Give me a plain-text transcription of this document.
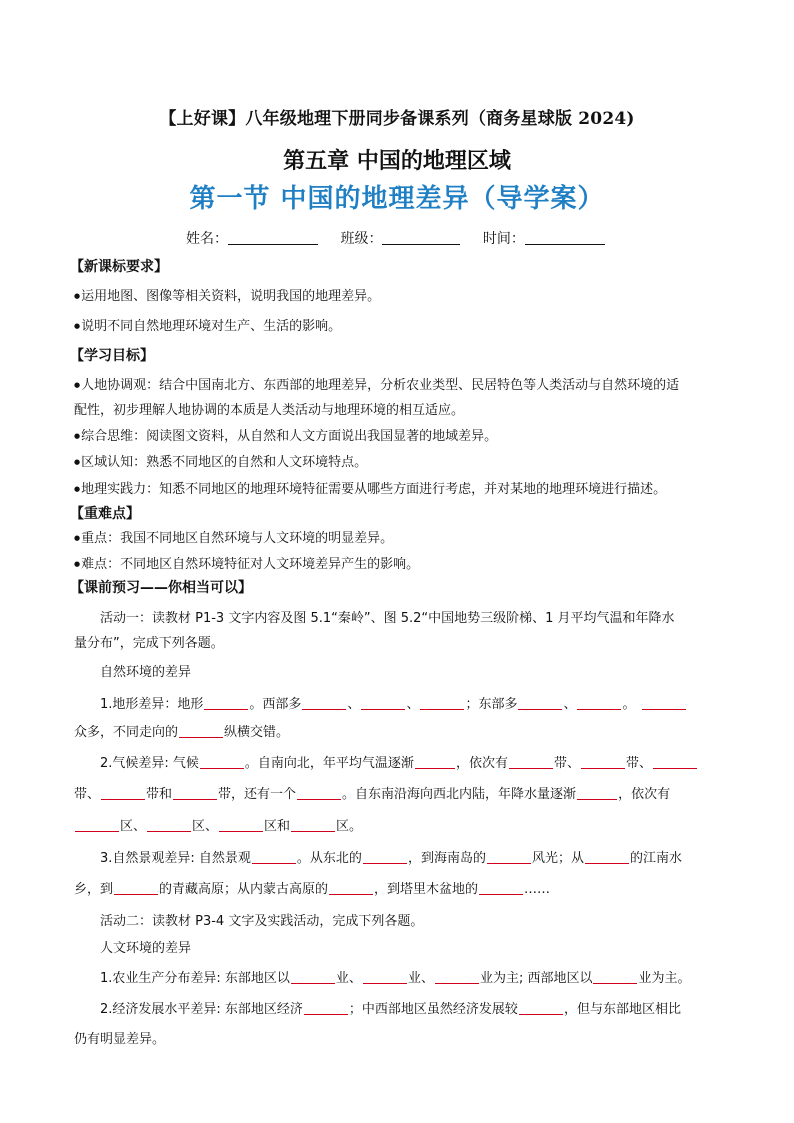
【上好课】八年级地理下册同步备课系列（商务星球版 2024)
第五章 中国的地理区域
第一节 中国的地理差异（导学案）
姓名：	班级：	时间：
【新课标要求】
●运用地图、图像等相关资料，说明我国的地理差异。
●说明不同自然地理环境对生产、生活的影响。
【学习目标】
●人地协调观：结合中国南北方、东西部的地理差异，分析农业类型、民居特色等人类活动与自然环境的适
配性，初步理解人地协调的本质是人类活动与地理环境的相互适应。
●综合思维：阅读图文资料，从自然和人文方面说出我国显著的地域差异。
●区域认知：熟悉不同地区的自然和人文环境特点。
●地理实践力：知悉不同地区的地理环境特征需要从哪些方面进行考虑，并对某地的地理环境进行描述。
【重难点】
●重点：我国不同地区自然环境与人文环境的明显差异。
●难点：不同地区自然环境特征对人文环境差异产生的影响。
【课前预习——你相当可以】
活动一：读教材 P1-3 文字内容及图 5.1“秦岭”、图 5.2“中国地势三级阶梯、1 月平均气温和年降水
量分布”，完成下列各题。
自然环境的差异
1.地形差异：地形	。西部多	、	、	；东部多	、	。
众多，不同走向的	纵横交错。
2.气候差异: 气候	。自南向北，年平均气温逐渐	，依次有	带、	带、
带、	带和	带，还有一个	。自东南沿海向西北内陆，年降水量逐渐	，依次有
区、	区、	区和	区。
3.自然景观差异: 自然景观	。从东北的	，到海南岛的	风光；从	的江南水
乡，到	的青藏高原；从内蒙古高原的	，到塔里木盆地的	……
活动二：读教材 P3-4 文字及实践活动，完成下列各题。
人文环境的差异
1.农业生产分布差异: 东部地区以	业、	业、	业为主; 西部地区以	业为主。
2.经济发展水平差异: 东部地区经济	；中西部地区虽然经济发展较	，但与东部地区相比
仍有明显差异。
